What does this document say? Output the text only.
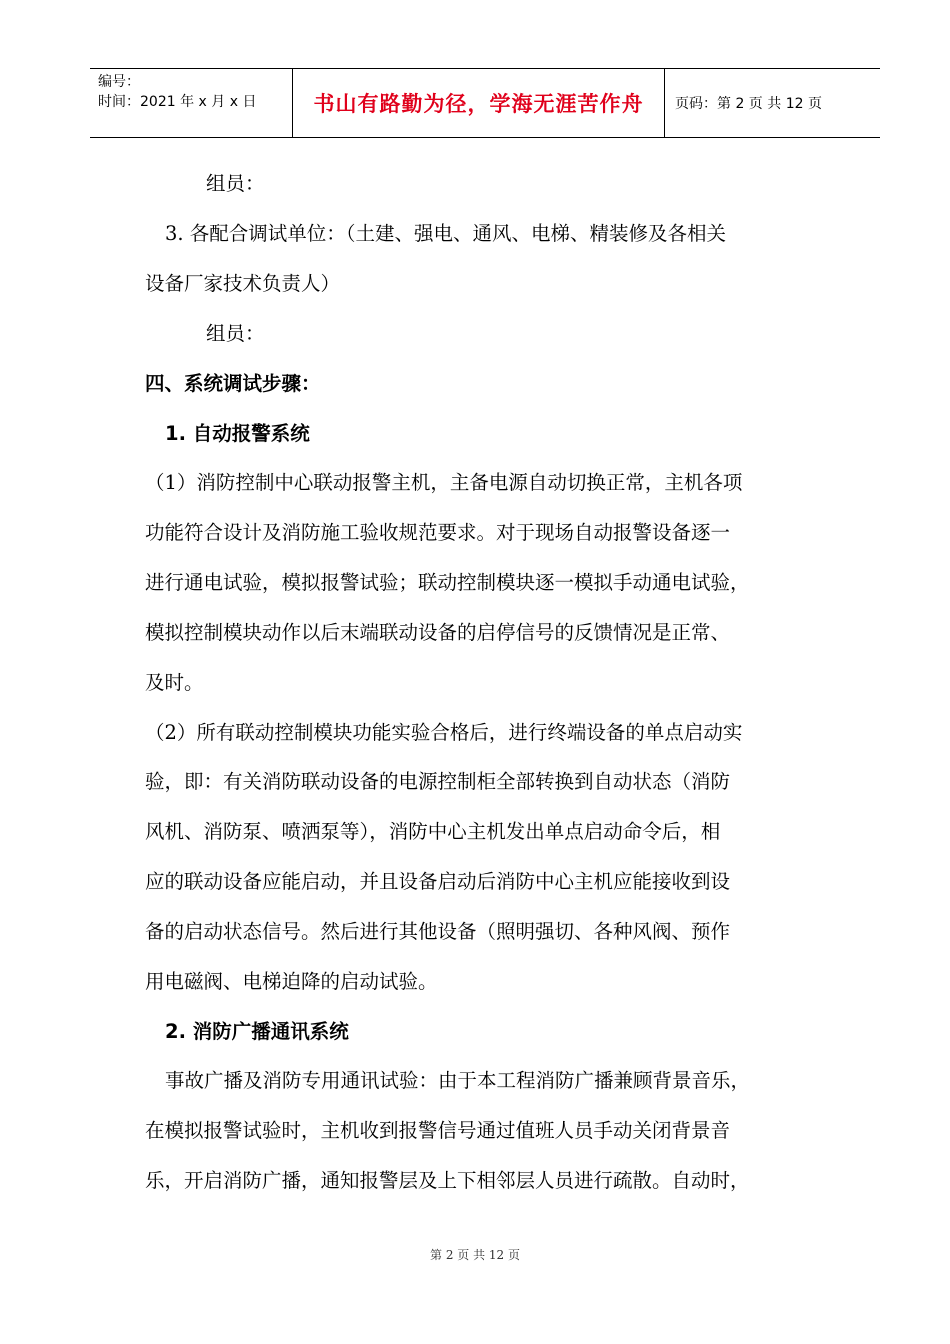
编号：
时间：2021 年 x 月 x 日	书山有路勤为径，学海无涯苦作舟 页码：第 2 页 共 12 页
组员：
3. 各配合调试单位：（土建、强电、通风、电梯、精装修及各相关
设备厂家技术负责人）
组员：
四、系统调试步骤：
1. 自动报警系统
（1）消防控制中心联动报警主机，主备电源自动切换正常，主机各项
功能符合设计及消防施工验收规范要求。对于现场自动报警设备逐一
进行通电试验，模拟报警试验；联动控制模块逐一模拟手动通电试验，
模拟控制模块动作以后末端联动设备的启停信号的反馈情况是正常、
及时。
（2）所有联动控制模块功能实验合格后，进行终端设备的单点启动实
验，即：有关消防联动设备的电源控制柜全部转换到自动状态（消防
风机、消防泵、喷洒泵等），消防中心主机发出单点启动命令后，相
应的联动设备应能启动，并且设备启动后消防中心主机应能接收到设
备的启动状态信号。然后进行其他设备（照明强切、各种风阀、预作
用电磁阀、电梯迫降的启动试验。
2. 消防广播通讯系统
事故广播及消防专用通讯试验：由于本工程消防广播兼顾背景音乐，
在模拟报警试验时，主机收到报警信号通过值班人员手动关闭背景音
乐，开启消防广播，通知报警层及上下相邻层人员进行疏散。自动时，
第 2 页 共 12 页
